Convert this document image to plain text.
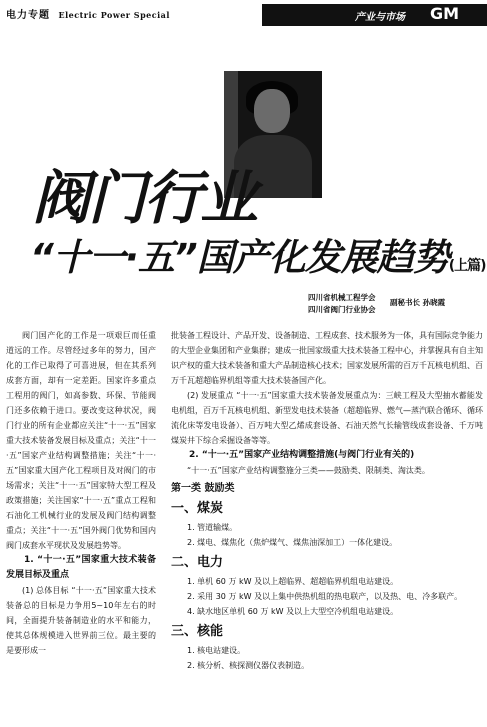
电力专题 Electric Power Special	产业与市场 GM
阀门行业
“十一·五”国产化发展趋势(上篇)
四川省机械工程学会
四川省阀门行业协会
副秘书长 孙晓霞

阀门国产化的工作是一项艰巨而任重道远的工作。尽管经过多年的努力，国产化的工作已取得了可喜进展，但在其系列成套方面，却有一定差距。国家许多重点工程用的阀门，如高参数、环保、节能阀门还多依赖于进口。要改变这种状况，阀门行业的所有企业都应关注“十一·五”国家重大技术装备发展目标及重点；关注“十一·五”国家产业结构调整措施；关注“十一·五”国家重大国产化工程项目及对阀门的市场需求；关注“十一·五”国家特大型工程及政策措施；关注国家“十一·五”重点工程和石油化工机械行业的发展及阀门结构调整重点；关注“十一·五”国外阀门优势和国内阀门成套水平现状及发展趋势等。

1. “十一·五”国家重大技术装备发展目标及重点

(1) 总体目标 “十一·五”国家重大技术装备总的目标是力争用5~10年左右的时间，全面提升装备制造业的水平和能力，使其总体规模进入世界前三位。最主要的是要形成一

批装备工程设计、产品开发、设备制造、工程成套、技术服务为一体，具有国际竞争能力的大型企业集团和产业集群；建成一批国家级重大技术装备工程中心，并掌握具有自主知识产权的重大技术装备和重大产品制造核心技术；国家发展所需的百万千瓦核电机组、百万千瓦超超临界机组等重大技术装备国产化。

(2) 发展重点 “十一·五”国家重大技术装备发展重点为：三峡工程及大型抽水蓄能发电机组，百万千瓦核电机组、新型发电技术装备（超超临界、燃气—蒸汽联合循环、循环流化床等发电设备）、百万吨大型乙烯成套设备、石油天然气长输管线成套设备、千万吨煤炭井下综合采掘设备等等。

2. “十一·五”国家产业结构调整措施(与阀门行业有关的)

“十一·五”国家产业结构调整施分三类——鼓励类、限制类、淘汰类。

第一类 鼓励类

一、煤炭

1. 管道输煤。

2. 煤电、煤焦化（焦炉煤气、煤焦油深加工）一体化建设。

二、电力

1. 单机 60 万 kW 及以上超临界、超超临界机组电站建设。

2. 采用 30 万 kW 及以上集中供热机组的热电联产，以及热、电、冷多联产。

4. 缺水地区单机 60 万 kW 及以上大型空冷机组电站建设。

三、核能

1. 核电站建设。

2. 核分析、核探测仪器仪表制造。
